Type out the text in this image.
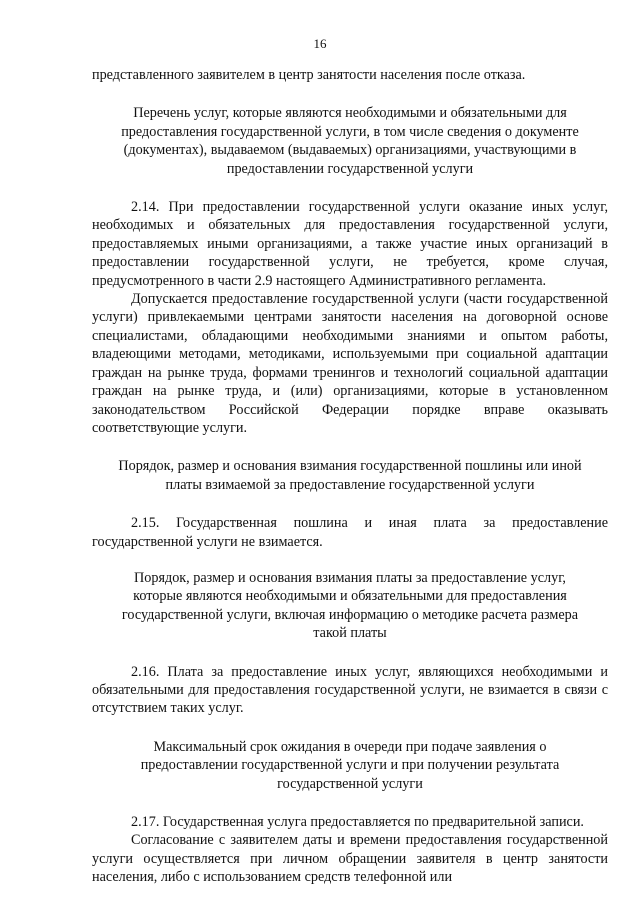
16

представленного заявителем в центр занятости населения после отказа.

Перечень услуг, которые являются необходимыми и обязательными для предоставления государственной услуги, в том числе сведения о документе (документах), выдаваемом (выдаваемых) организациями, участвующими в предоставлении государственной услуги

2.14. При предоставлении государственной услуги оказание иных услуг, необходимых и обязательных для предоставления государственной услуги, предоставляемых иными организациями, а также участие иных организаций в предоставлении государственной услуги, не требуется, кроме случая, предусмотренного в части 2.9 настоящего Административного регламента.

Допускается предоставление государственной услуги (части государственной услуги) привлекаемыми центрами занятости населения на договорной основе специалистами, обладающими необходимыми знаниями и опытом работы, владеющими методами, методиками, используемыми при социальной адаптации граждан на рынке труда, формами тренингов и технологий социальной адаптации граждан на рынке труда, и (или) организациями, которые в установленном законодательством Российской Федерации порядке вправе оказывать соответствующие услуги.

Порядок, размер и основания взимания государственной пошлины или иной платы взимаемой за предоставление государственной услуги

2.15. Государственная пошлина и иная плата за предоставление государственной услуги не взимается.

Порядок, размер и основания взимания платы за предоставление услуг, которые являются необходимыми и обязательными для предоставления государственной услуги, включая информацию о методике расчета размера такой платы

2.16. Плата за предоставление иных услуг, являющихся необходимыми и обязательными для предоставления государственной услуги, не взимается в связи с отсутствием таких услуг.

Максимальный срок ожидания в очереди при подаче заявления о предоставлении государственной услуги и при получении результата государственной услуги

2.17. Государственная услуга предоставляется по предварительной записи.

Согласование с заявителем даты и времени предоставления государственной услуги осуществляется при личном обращении заявителя в центр занятости населения, либо с использованием средств телефонной или
